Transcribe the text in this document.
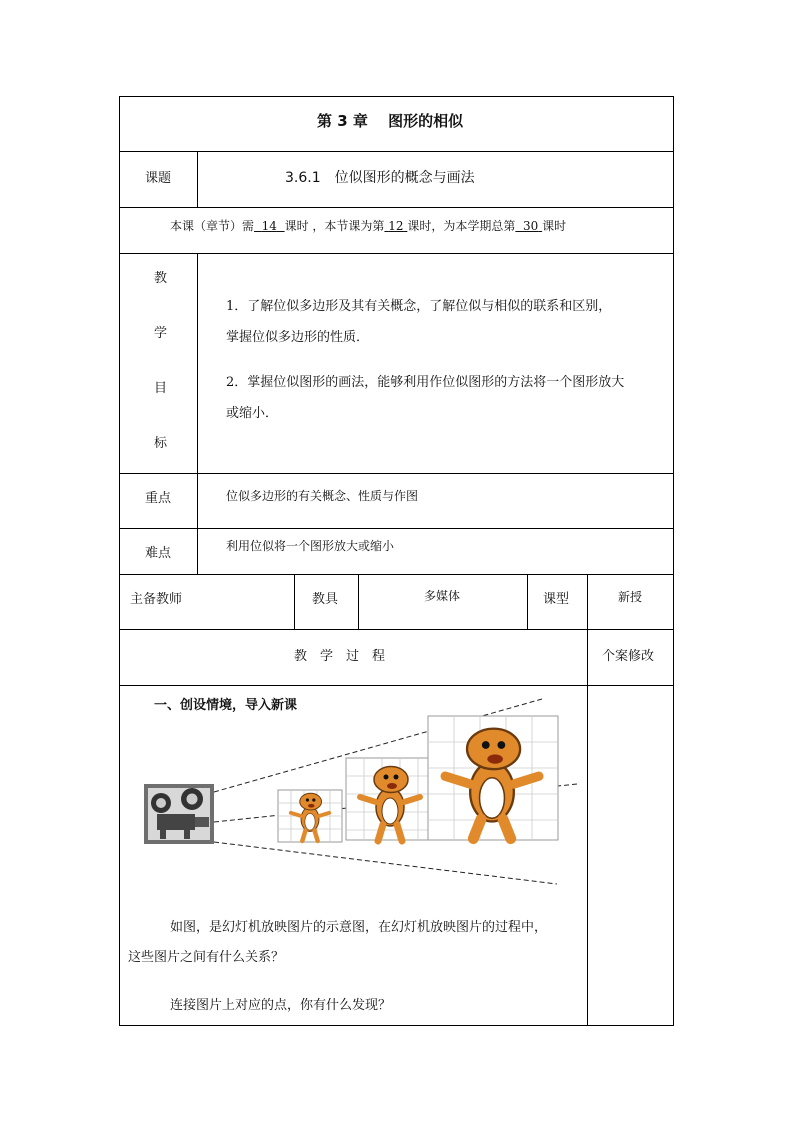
第 3 章　 图形的相似
课题	3.6.1　位似图形的概念与画法
本课（章节）需 14 课时 ，本节课为第 12 课时，为本学期总第 30 课时
教
学
目
标
1．了解位似多边形及其有关概念，了解位似与相似的联系和区别，
掌握位似多边形的性质．
2．掌握位似图形的画法，能够利用作位似图形的方法将一个图形放大
或缩小．
重点	位似多边形的有关概念、性质与作图
难点	利用位似将一个图形放大或缩小
主备教师	教具	多媒体	课型	新授
教　学　过　程	个案修改
一、创设情境，导入新课
如图，是幻灯机放映图片的示意图，在幻灯机放映图片的过程中，
这些图片之间有什么关系？
连接图片上对应的点，你有什么发现？
